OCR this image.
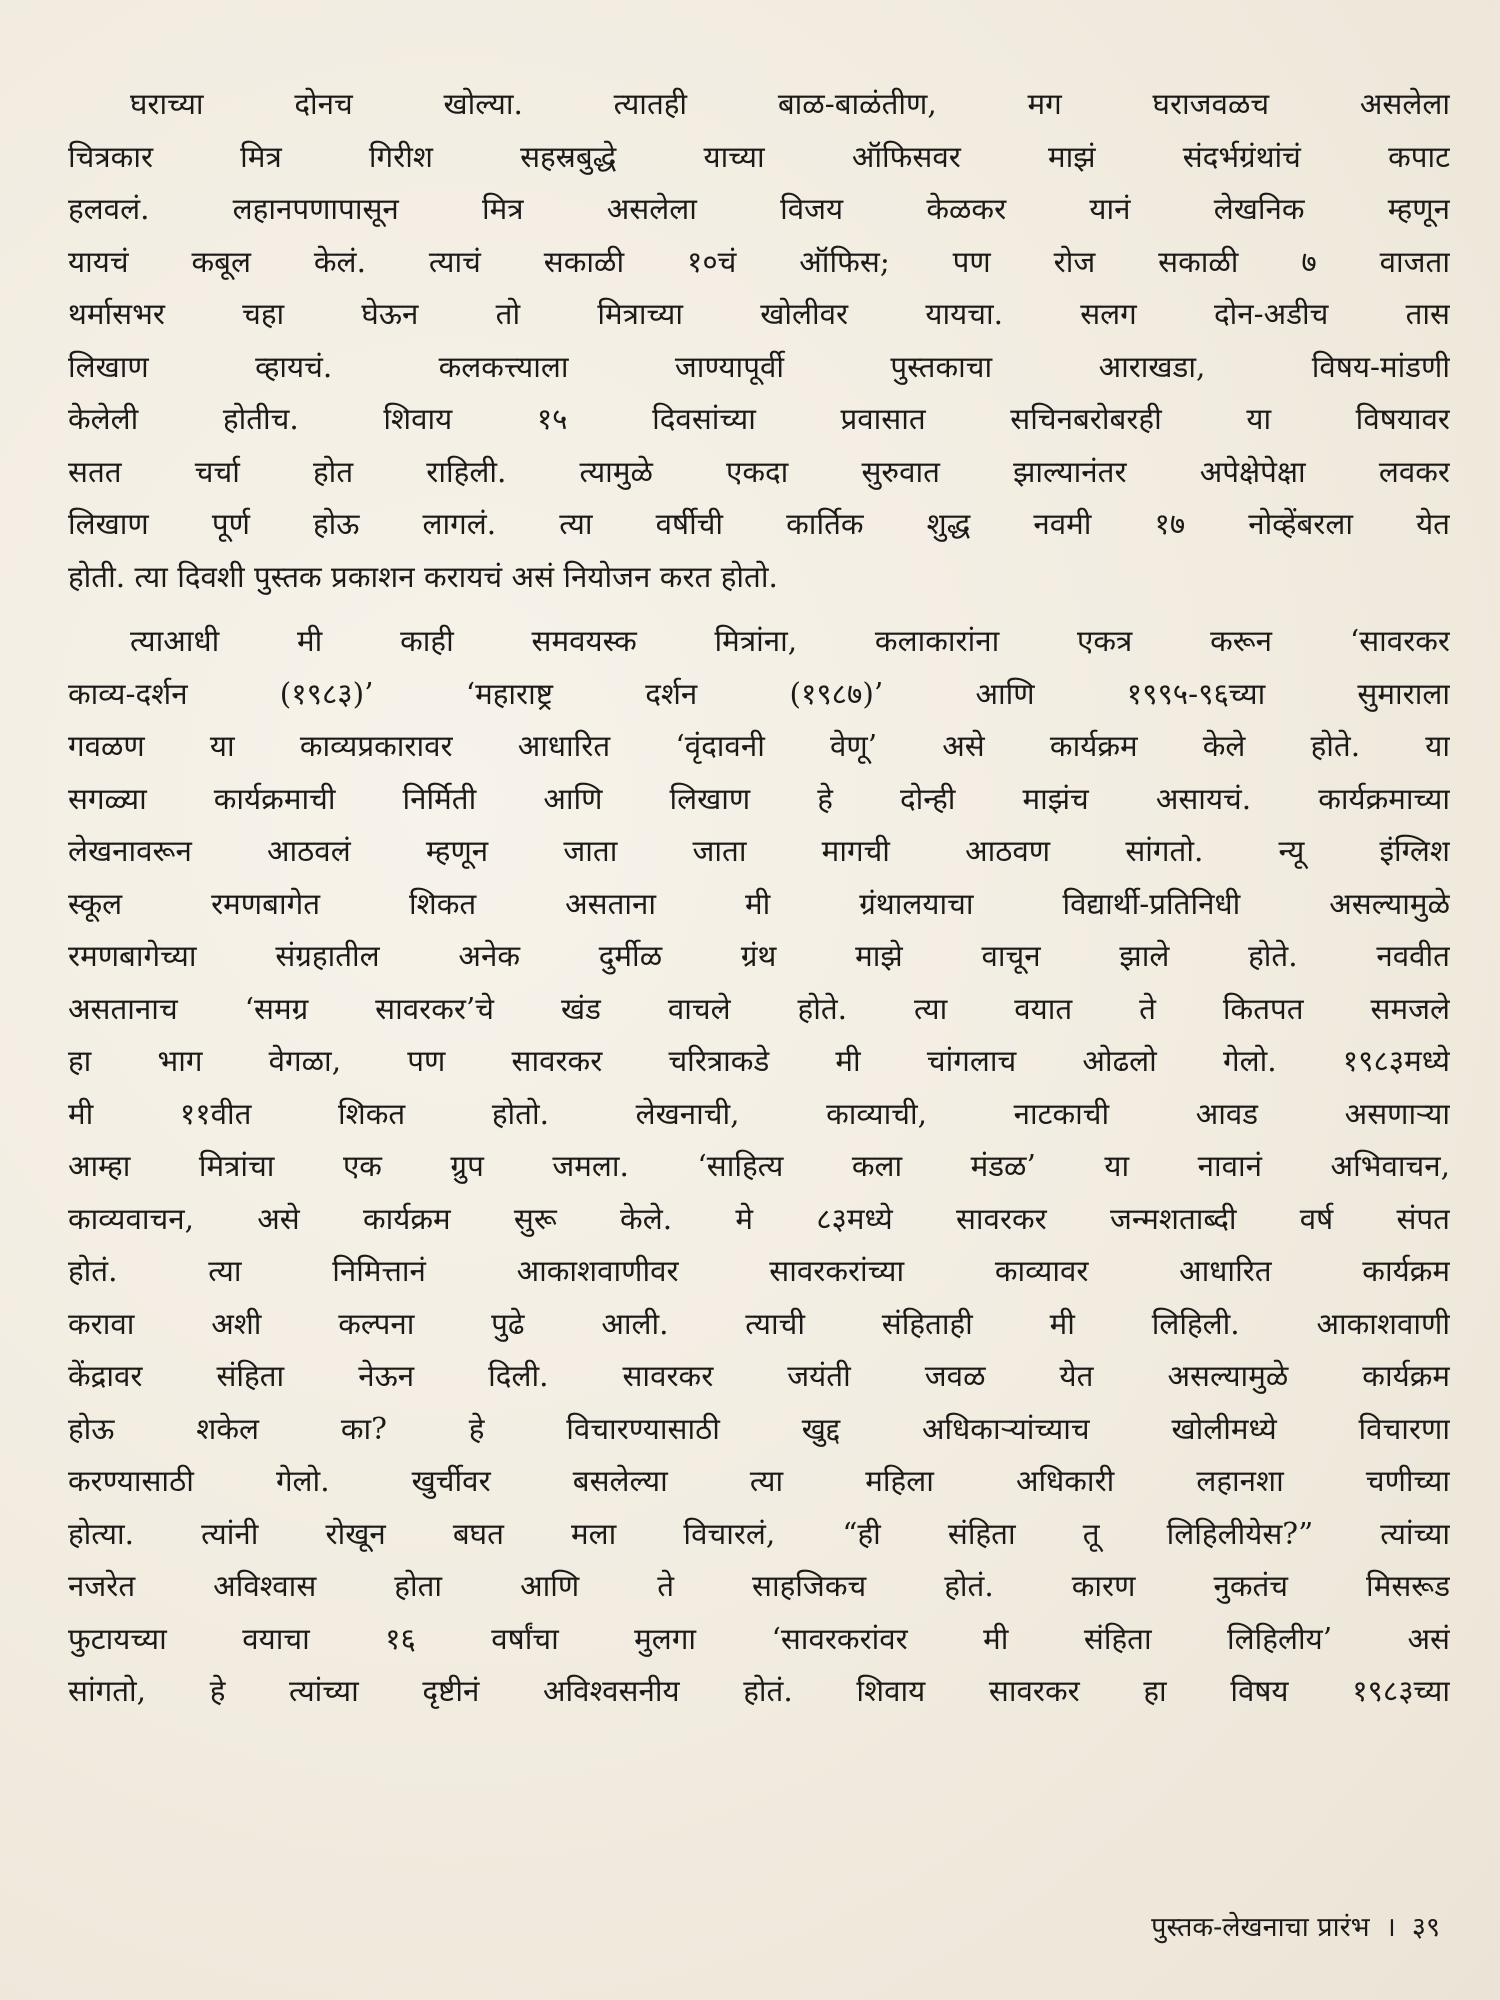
घराच्या दोनच खोल्या. त्यातही बाळ-बाळंतीण, मग घराजवळच असलेला
चित्रकार मित्र गिरीश सहस्रबुद्धे याच्या ऑफिसवर माझं संदर्भग्रंथांचं कपाट
हलवलं. लहानपणापासून मित्र असलेला विजय केळकर यानं लेखनिक म्हणून
यायचं कबूल केलं. त्याचं सकाळी १०चं ऑफिस; पण रोज सकाळी ७ वाजता
थर्मासभर चहा घेऊन तो मित्राच्या खोलीवर यायचा. सलग दोन-अडीच तास
लिखाण व्हायचं. कलकत्त्याला जाण्यापूर्वी पुस्तकाचा आराखडा, विषय-मांडणी
केलेली होतीच. शिवाय १५ दिवसांच्या प्रवासात सचिनबरोबरही या विषयावर
सतत चर्चा होत राहिली. त्यामुळे एकदा सुरुवात झाल्यानंतर अपेक्षेपेक्षा लवकर
लिखाण पूर्ण होऊ लागलं. त्या वर्षीची कार्तिक शुद्ध नवमी १७ नोव्हेंबरला येत
होती. त्या दिवशी पुस्तक प्रकाशन करायचं असं नियोजन करत होतो.
त्याआधी मी काही समवयस्क मित्रांना, कलाकारांना एकत्र करून ‘सावरकर
काव्य-दर्शन (१९८३)’ ‘महाराष्ट्र दर्शन (१९८७)’ आणि १९९५-९६च्या सुमाराला
गवळण या काव्यप्रकारावर आधारित ‘वृंदावनी वेणू’ असे कार्यक्रम केले होते. या
सगळ्या कार्यक्रमाची निर्मिती आणि लिखाण हे दोन्ही माझंच असायचं. कार्यक्रमाच्या
लेखनावरून आठवलं म्हणून जाता जाता मागची आठवण सांगतो. न्यू इंग्लिश
स्कूल रमणबागेत शिकत असताना मी ग्रंथालयाचा विद्यार्थी-प्रतिनिधी असल्यामुळे
रमणबागेच्या संग्रहातील अनेक दुर्मीळ ग्रंथ माझे वाचून झाले होते. नववीत
असतानाच ‘समग्र सावरकर’चे खंड वाचले होते. त्या वयात ते कितपत समजले
हा भाग वेगळा, पण सावरकर चरित्राकडे मी चांगलाच ओढलो गेलो. १९८३मध्ये
मी ११वीत शिकत होतो. लेखनाची, काव्याची, नाटकाची आवड असणाऱ्या
आम्हा मित्रांचा एक ग्रुप जमला. ‘साहित्य कला मंडळ’ या नावानं अभिवाचन,
काव्यवाचन, असे कार्यक्रम सुरू केले. मे ८३मध्ये सावरकर जन्मशताब्दी वर्ष संपत
होतं. त्या निमित्तानं आकाशवाणीवर सावरकरांच्या काव्यावर आधारित कार्यक्रम
करावा अशी कल्पना पुढे आली. त्याची संहिताही मी लिहिली. आकाशवाणी
केंद्रावर संहिता नेऊन दिली. सावरकर जयंती जवळ येत असल्यामुळे कार्यक्रम
होऊ शकेल का? हे विचारण्यासाठी खुद्द अधिकाऱ्यांच्याच खोलीमध्ये विचारणा
करण्यासाठी गेलो. खुर्चीवर बसलेल्या त्या महिला अधिकारी लहानशा चणीच्या
होत्या. त्यांनी रोखून बघत मला विचारलं, “ही संहिता तू लिहिलीयेस?” त्यांच्या
नजरेत अविश्वास होता आणि ते साहजिकच होतं. कारण नुकतंच मिसरूड
फुटायच्या वयाचा १६ वर्षांचा मुलगा ‘सावरकरांवर मी संहिता लिहिलीय’ असं
सांगतो, हे त्यांच्या दृष्टीनं अविश्वसनीय होतं. शिवाय सावरकर हा विषय १९८३च्या
पुस्तक-लेखनाचा प्रारंभ । ३९
